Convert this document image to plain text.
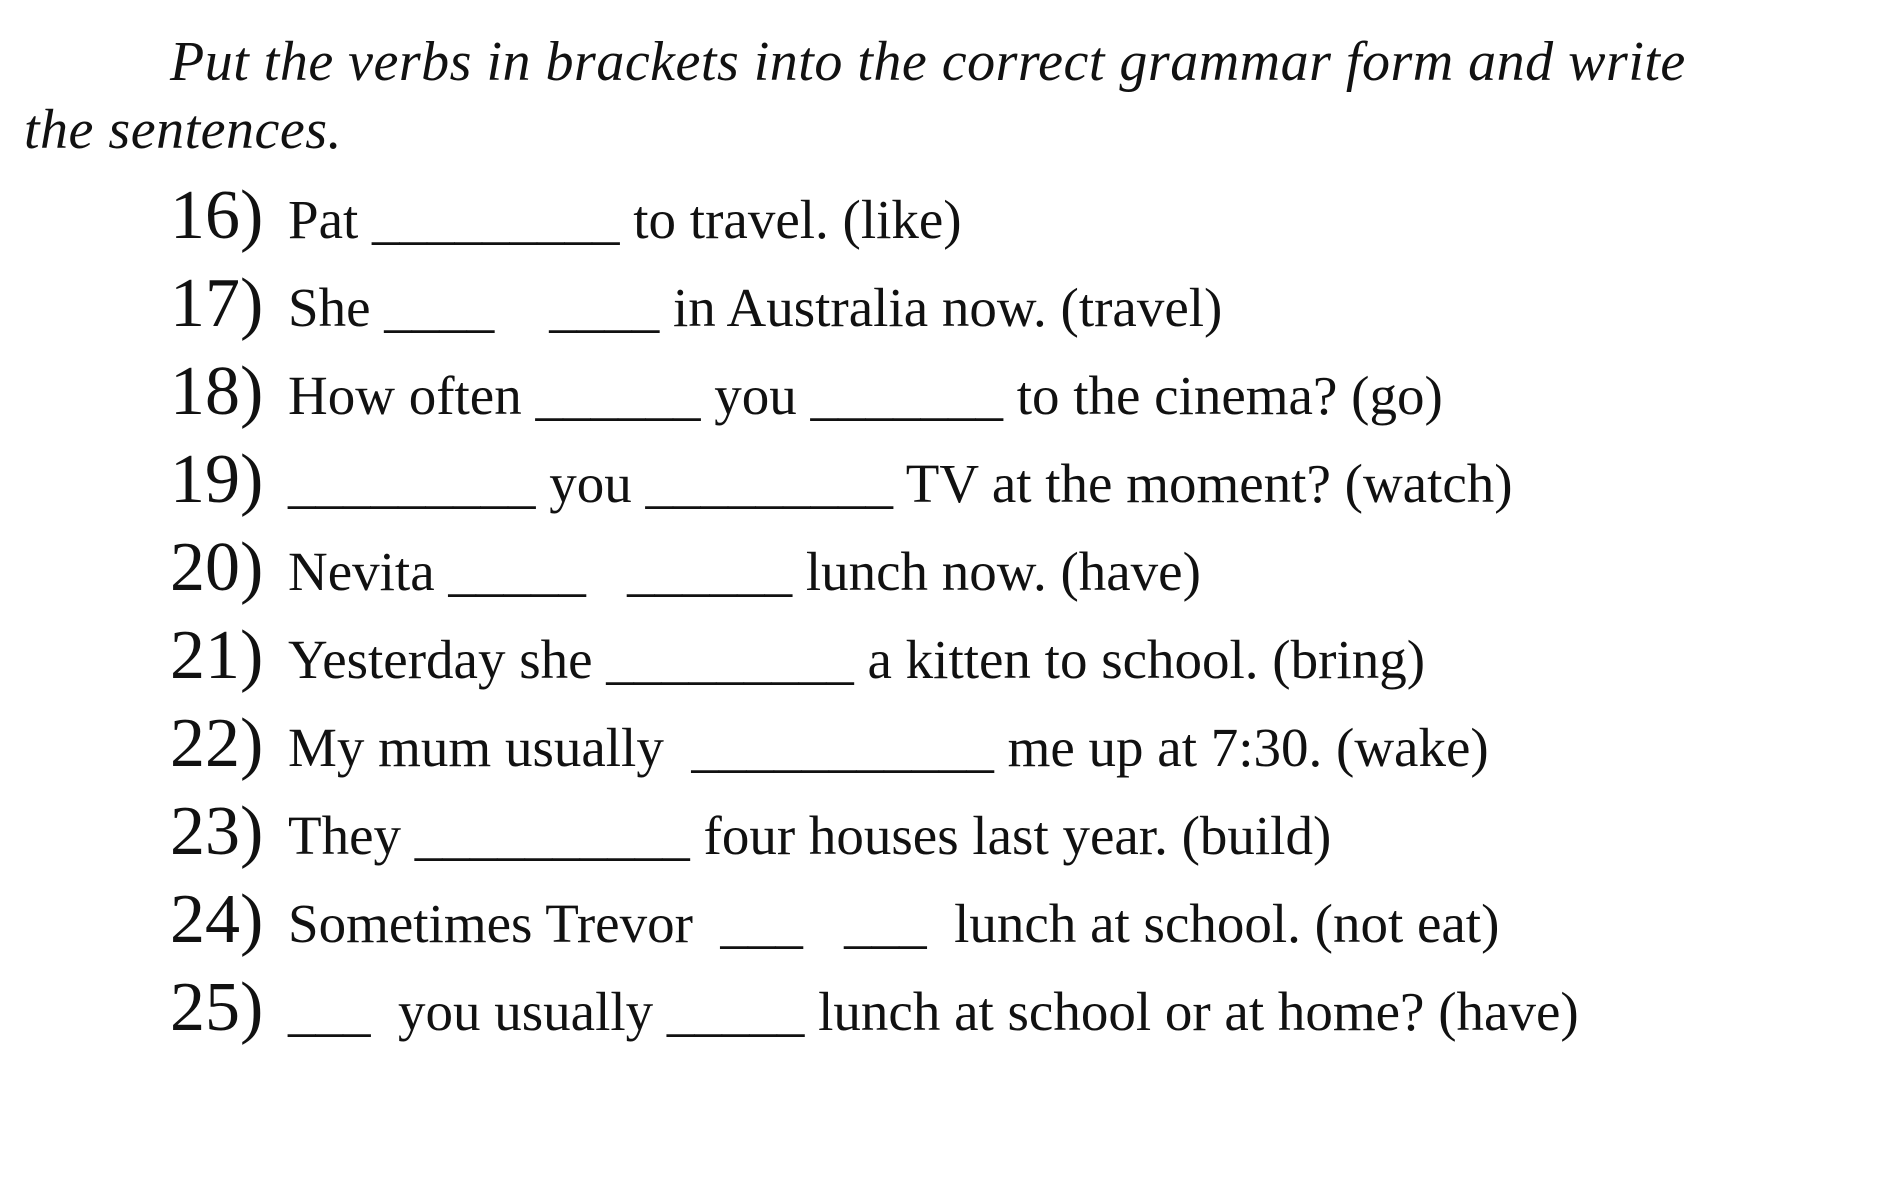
Put the verbs in brackets into the correct grammar form and write the sentences.

16) Pat _________ to travel. (like)
17) She ____    ____ in Australia now. (travel)
18) How often ______ you _______ to the cinema? (go)
19) _________ you _________ TV at the moment? (watch)
20) Nevita _____   ______ lunch now. (have)
21) Yesterday she _________ a kitten to school. (bring)
22) My mum usually  ___________ me up at 7:30. (wake)
23) They __________ four houses last year. (build)
24) Sometimes Trevor  ___   ___  lunch at school. (not eat)
25) ___  you usually _____ lunch at school or at home? (have)
